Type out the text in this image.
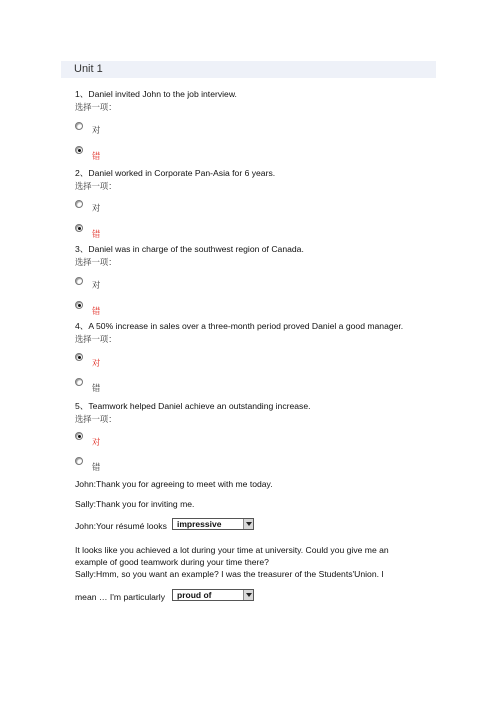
Unit 1
1、Daniel invited John to the job interview.
选择一项：
对
错
2、Daniel worked in Corporate Pan-Asia for 6 years.
选择一项：
对
错
3、Daniel was in charge of the southwest region of Canada.
选择一项：
对
错
4、A 50% increase in sales over a three-month period proved Daniel a good manager.
选择一项：
对
错
5、Teamwork helped Daniel achieve an outstanding increase.
选择一项：
对
错
John:Thank you for agreeing to meet with me today.
Sally:Thank you for inviting me.
John:Your résumé looks	impressive
It looks like you achieved a lot during your time at university. Could you give me an
example of good teamwork during your time there?
Sally:Hmm, so you want an example? I was the treasurer of the Students'Union. I
mean … I'm particularly	proud of
